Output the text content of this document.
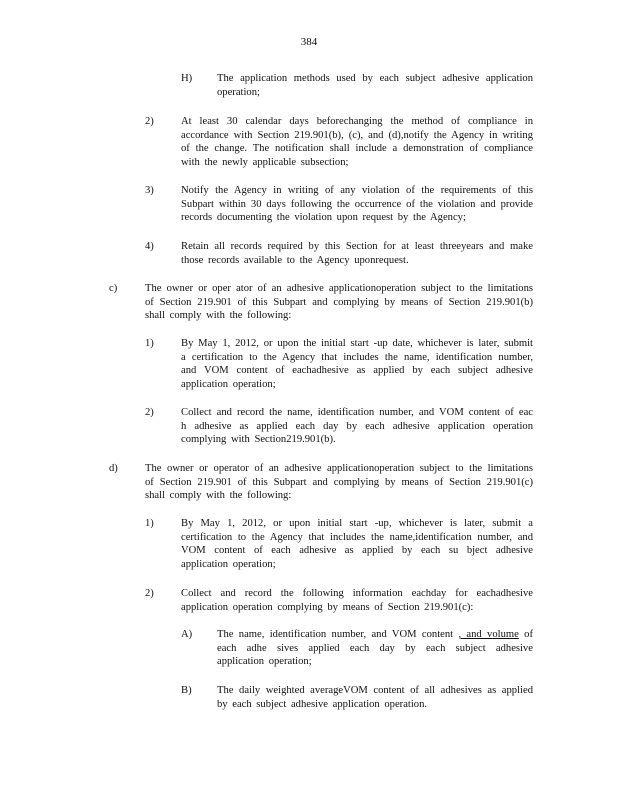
384
H) The application methods used by each subject adhesive application operation;
2)	At least 30 calendar days beforechanging the method of compliance in accordance with Section 219.901(b), (c), and (d),notify the Agency in writing of the change. The notification shall include a demonstration of compliance with the newly applicable subsection;
3)	Notify the Agency in writing of any violation of the requirements of this Subpart within 30 days following the occurrence of the violation and provide records documenting the violation upon request by the Agency;
4)	Retain all records required by this Section for at least threeyears and make those records available to the Agency uponrequest.
c)	The owner or oper ator of an adhesive applicationoperation subject to the limitations of Section 219.901 of this Subpart and complying by means of Section 219.901(b) shall comply with the following:
1)	By May 1, 2012, or upon the initial start -up date, whichever is later, submit a certification to the Agency that includes the name, identification number, and VOM content of eachadhesive as applied by each subject adhesive application operation;
2)	Collect and record the name, identification number, and VOM content of eac h adhesive as applied each day by each adhesive application operation complying with Section219.901(b).
d)	The owner or operator of an adhesive applicationoperation subject to the limitations of Section 219.901 of this Subpart and complying by means of Section 219.901(c) shall comply with the following:
1)	By May 1, 2012, or upon initial start -up, whichever is later, submit a certification to the Agency that includes the name,identification number, and VOM content of each adhesive as applied by each su bject adhesive application operation;
2)	Collect and record the following information eachday for eachadhesive application operation complying by means of Section 219.901(c):
A) The name, identification number, and VOM content , and volume of each adhe sives applied each day by each subject adhesive application operation;
B) The daily weighted averageVOM content of all adhesives as applied by each subject adhesive application operation.
